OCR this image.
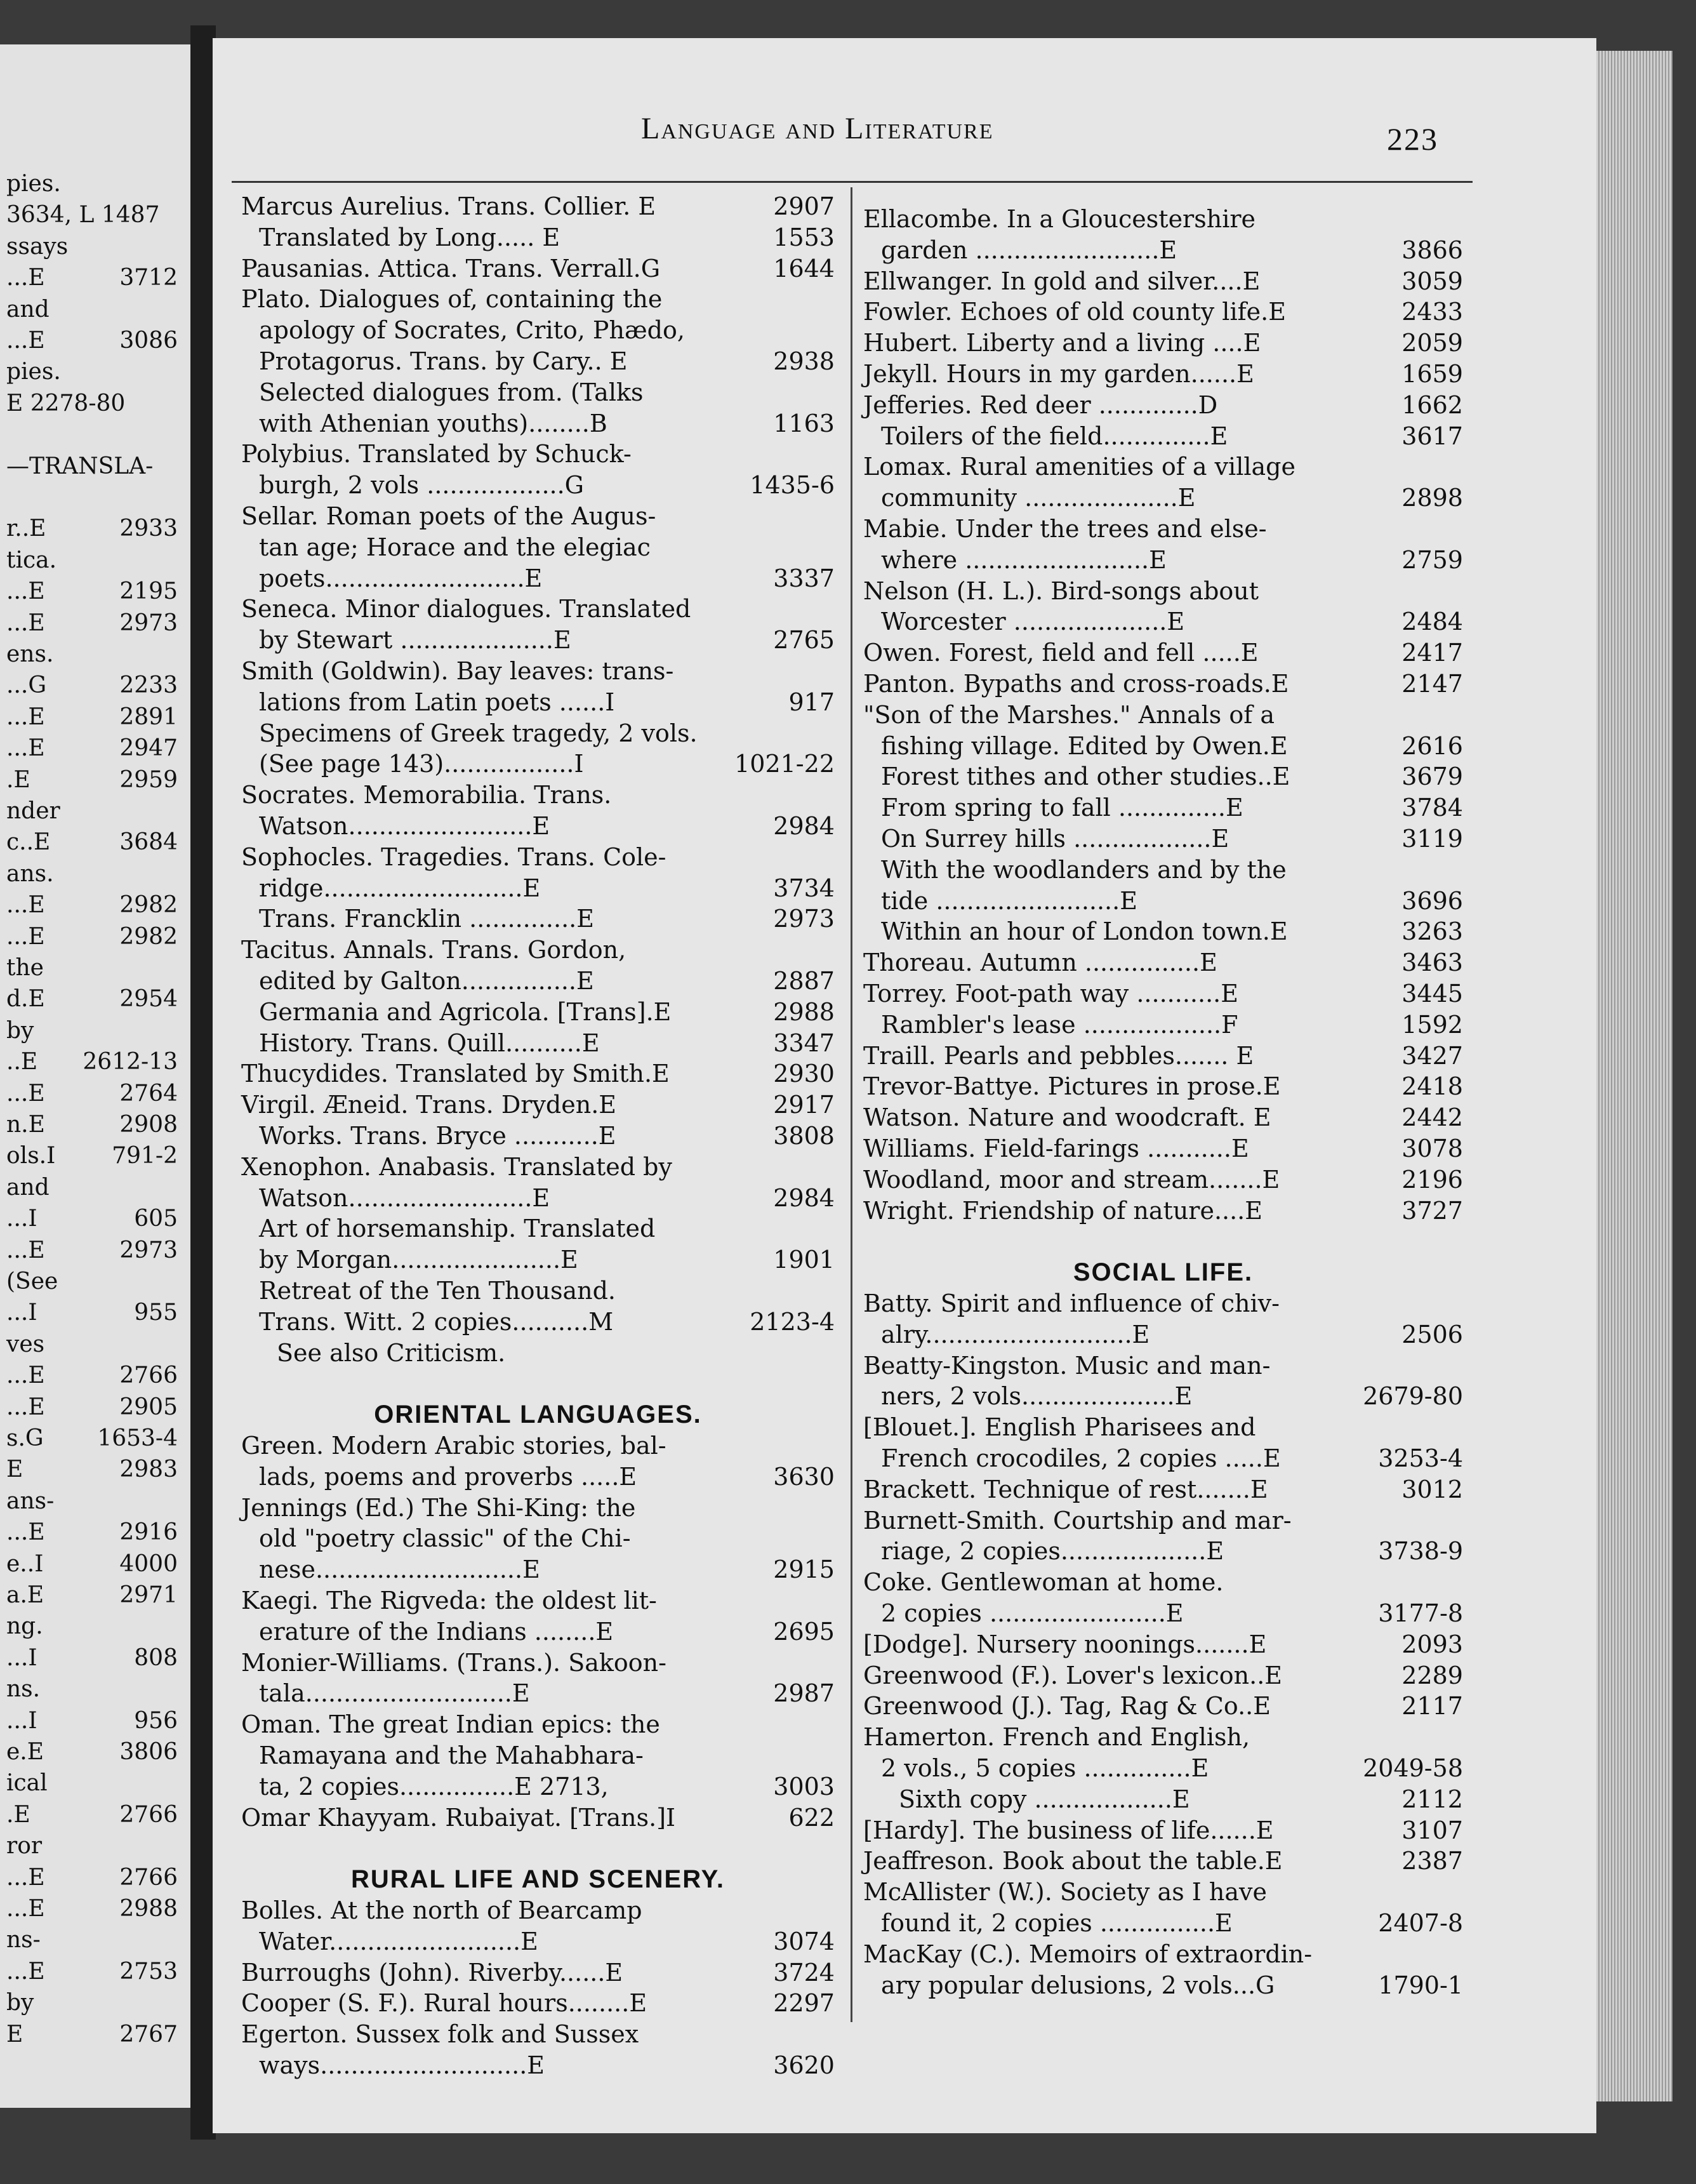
Language and Literature	223
pies.
3634, L 1487
ssays
...E	3712
and
...E	3086
pies.
E 2278-80
—TRANSLA-
r..E	2933
tica.
...E	2195
...E	2973
ens.
...G	2233
...E	2891
...E	2947
.E	2959
nder
c..E	3684
ans.
...E	2982
...E	2982
the
d.E	2954
by
..E	2612-13
...E	2764
n.E	2908
ols.I	791-2
and
...I	605
...E	2973
(See
...I	955
ves
...E	2766
...E	2905
s.G	1653-4
E	2983
ans-
...E	2916
e..I	4000
a.E	2971
ng.
...I	808
ns.
...I	956
e.E	3806
ical
.E	2766
ror
...E	2766
...E	2988
ns-
...E	2753
by
E	2767
Marcus Aurelius. Trans. Collier. E	2907
Translated by Long..... E	1553
Pausanias. Attica. Trans. Verrall.G	1644
Plato. Dialogues of, containing the
apology of Socrates, Crito, Phædo,
Protagorus. Trans. by Cary.. E	2938
Selected dialogues from. (Talks
with Athenian youths)........B	1163
Polybius. Translated by Schuck-
burgh, 2 vols ..................G	1435-6
Sellar. Roman poets of the Augus-
tan age; Horace and the elegiac
poets..........................E	3337
Seneca. Minor dialogues. Translated
by Stewart ....................E	2765
Smith (Goldwin). Bay leaves: trans-
lations from Latin poets ......I	917
Specimens of Greek tragedy, 2 vols.
(See page 143).................I	1021-22
Socrates. Memorabilia. Trans.
Watson........................E	2984
Sophocles. Tragedies. Trans. Cole-
ridge..........................E	3734
Trans. Francklin ..............E	2973
Tacitus. Annals. Trans. Gordon,
edited by Galton...............E	2887
Germania and Agricola. [Trans].E	2988
History. Trans. Quill..........E	3347
Thucydides. Translated by Smith.E	2930
Virgil. Æneid. Trans. Dryden.E	2917
Works. Trans. Bryce ...........E	3808
Xenophon. Anabasis. Translated by
Watson........................E	2984
Art of horsemanship. Translated
by Morgan......................E	1901
Retreat of the Ten Thousand.
Trans. Witt. 2 copies..........M	2123-4
See also Criticism.
ORIENTAL LANGUAGES.
Green. Modern Arabic stories, bal-
lads, poems and proverbs .....E	3630
Jennings (Ed.) The Shi-King: the
old "poetry classic" of the Chi-
nese...........................E	2915
Kaegi. The Rigveda: the oldest lit-
erature of the Indians ........E	2695
Monier-Williams. (Trans.). Sakoon-
tala...........................E	2987
Oman. The great Indian epics: the
Ramayana and the Mahabhara-
ta, 2 copies...............E 2713,	3003
Omar Khayyam. Rubaiyat. [Trans.]I	622
RURAL LIFE AND SCENERY.
Bolles. At the north of Bearcamp
Water.........................E	3074
Burroughs (John). Riverby......E	3724
Cooper (S. F.). Rural hours........E	2297
Egerton. Sussex folk and Sussex
ways...........................E	3620
Ellacombe. In a Gloucestershire
garden ........................E	3866
Ellwanger. In gold and silver....E	3059
Fowler. Echoes of old county life.E	2433
Hubert. Liberty and a living ....E	2059
Jekyll. Hours in my garden......E	1659
Jefferies. Red deer .............D	1662
Toilers of the field..............E	3617
Lomax. Rural amenities of a village
community ....................E	2898
Mabie. Under the trees and else-
where ........................E	2759
Nelson (H. L.). Bird-songs about
Worcester ....................E	2484
Owen. Forest, field and fell .....E	2417
Panton. Bypaths and cross-roads.E	2147
"Son of the Marshes." Annals of a
fishing village. Edited by Owen.E	2616
Forest tithes and other studies..E	3679
From spring to fall ..............E	3784
On Surrey hills ..................E	3119
With the woodlanders and by the
tide ........................E	3696
Within an hour of London town.E	3263
Thoreau. Autumn ...............E	3463
Torrey. Foot-path way ...........E	3445
Rambler's lease ..................F	1592
Traill. Pearls and pebbles....... E	3427
Trevor-Battye. Pictures in prose.E	2418
Watson. Nature and woodcraft. E	2442
Williams. Field-farings ...........E	3078
Woodland, moor and stream.......E	2196
Wright. Friendship of nature....E	3727
SOCIAL LIFE.
Batty. Spirit and influence of chiv-
alry...........................E	2506
Beatty-Kingston. Music and man-
ners, 2 vols....................E	2679-80
[Blouet.]. English Pharisees and
French crocodiles, 2 copies .....E	3253-4
Brackett. Technique of rest.......E	3012
Burnett-Smith. Courtship and mar-
riage, 2 copies...................E	3738-9
Coke. Gentlewoman at home.
2 copies .......................E	3177-8
[Dodge]. Nursery noonings.......E	2093
Greenwood (F.). Lover's lexicon..E	2289
Greenwood (J.). Tag, Rag & Co..E	2117
Hamerton. French and English,
2 vols., 5 copies ..............E	2049-58
Sixth copy ..................E	2112
[Hardy]. The business of life......E	3107
Jeaffreson. Book about the table.E	2387
McAllister (W.). Society as I have
found it, 2 copies ...............E	2407-8
MacKay (C.). Memoirs of extraordin-
ary popular delusions, 2 vols...G	1790-1
